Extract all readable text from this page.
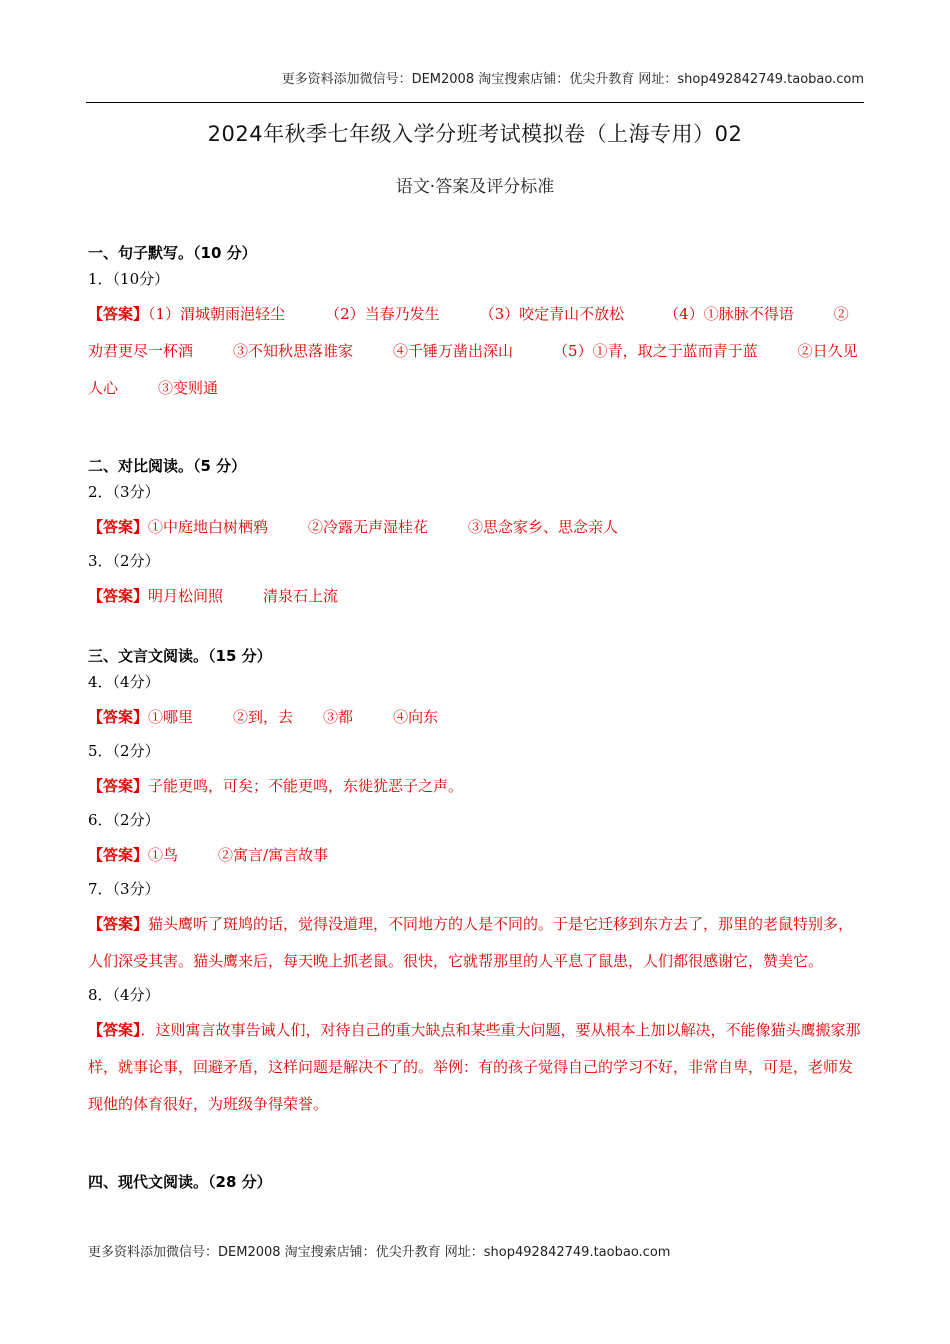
更多资料添加微信号：DEM2008 淘宝搜索店铺：优尖升教育 网址：shop492842749.taobao.com
2024年秋季七年级入学分班考试模拟卷（上海专用）02
语文·答案及评分标准

一、句子默写。（10 分）

1．（10分）

【答案】（1）渭城朝雨浥轻尘	（2）当春乃发生	（3）咬定青山不放松	（4）①脉脉不得语	②劝君更尽一杯酒	③不知秋思落谁家	④千锤万凿出深山	（5）①青，取之于蓝而青于蓝	②日久见人心	③变则通

二、对比阅读。（5 分）

2．（3分）

【答案】①中庭地白树栖鸦	②冷露无声湿桂花	③思念家乡、思念亲人

3．（2分）

【答案】明月松间照	清泉石上流

三、文言文阅读。（15 分）

4．（4分）

【答案】①哪里	②到，去 ③都	④向东

5．（2分）

【答案】子能更鸣，可矣；不能更鸣，东徙犹恶子之声。

6．（2分）

【答案】①鸟	②寓言/寓言故事

7．（3分）

【答案】猫头鹰听了斑鸠的话，觉得没道理，不同地方的人是不同的。于是它迁移到东方去了，那里的老鼠特别多，人们深受其害。猫头鹰来后，每天晚上抓老鼠。很快，它就帮那里的人平息了鼠患，人们都很感谢它，赞美它。

8．（4分）

【答案】．这则寓言故事告诫人们，对待自己的重大缺点和某些重大问题，要从根本上加以解决，不能像猫头鹰搬家那样，就事论事，回避矛盾，这样问题是解决不了的。举例：有的孩子觉得自己的学习不好，非常自卑，可是，老师发现他的体育很好，为班级争得荣誉。

四、现代文阅读。（28 分）

更多资料添加微信号：DEM2008 淘宝搜索店铺：优尖升教育 网址：shop492842749.taobao.com
